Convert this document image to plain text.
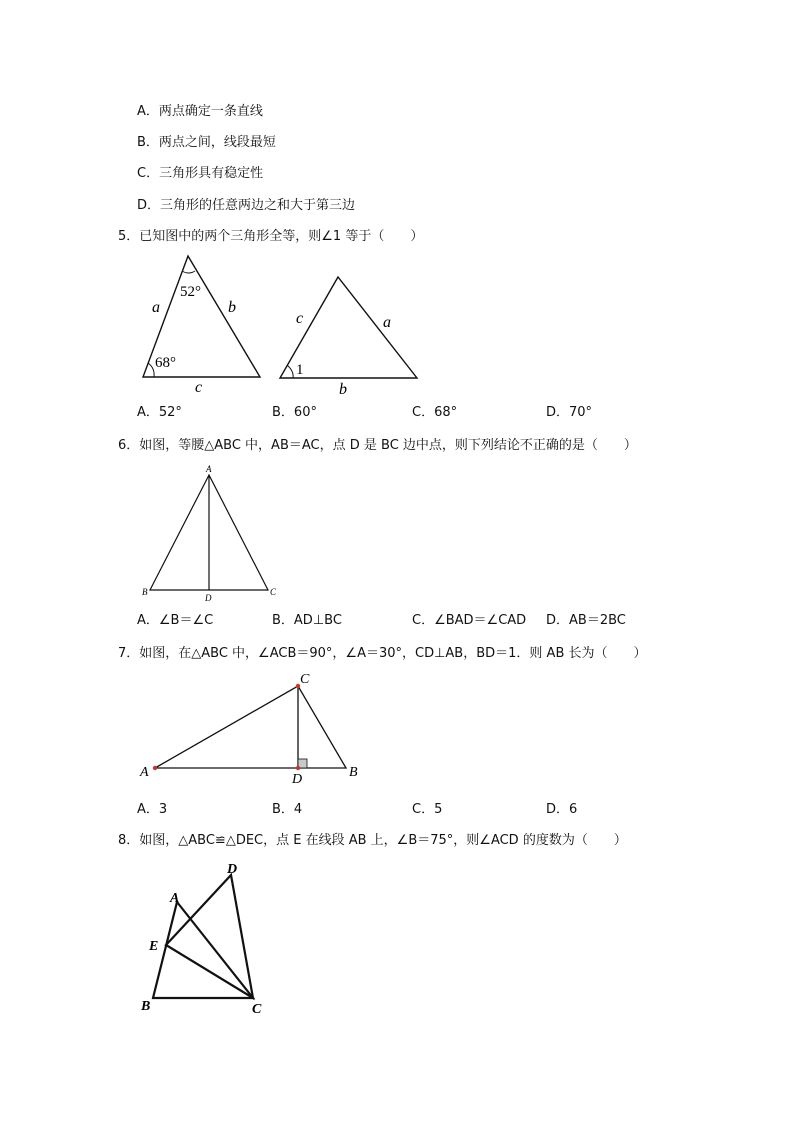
A．两点确定一条直线
B．两点之间，线段最短
C．三角形具有稳定性
D．三角形的任意两边之和大于第三边
5．已知图中的两个三角形全等，则∠1 等于（　　）
52°
68°
a	b
c
c	a
b
1
A．52°	B．60°	C．68°	D．70°
6．如图，等腰△ABC 中，AB＝AC，点 D 是 BC 边中点，则下列结论不正确的是（　　）
A
B	C
D
A．∠B＝∠C	B．AD⊥BC	C．∠BAD＝∠CAD D．AB＝2BC
7．如图，在△ABC 中，∠ACB＝90°，∠A＝30°，CD⊥AB，BD＝1．则 AB 长为（　　）
A	B
C
D
A．3	B．4	C．5	D．6
8．如图，△ABC≌△DEC，点 E 在线段 AB 上，∠B＝75°，则∠ACD 的度数为（　　）
A
B	C
D
E
